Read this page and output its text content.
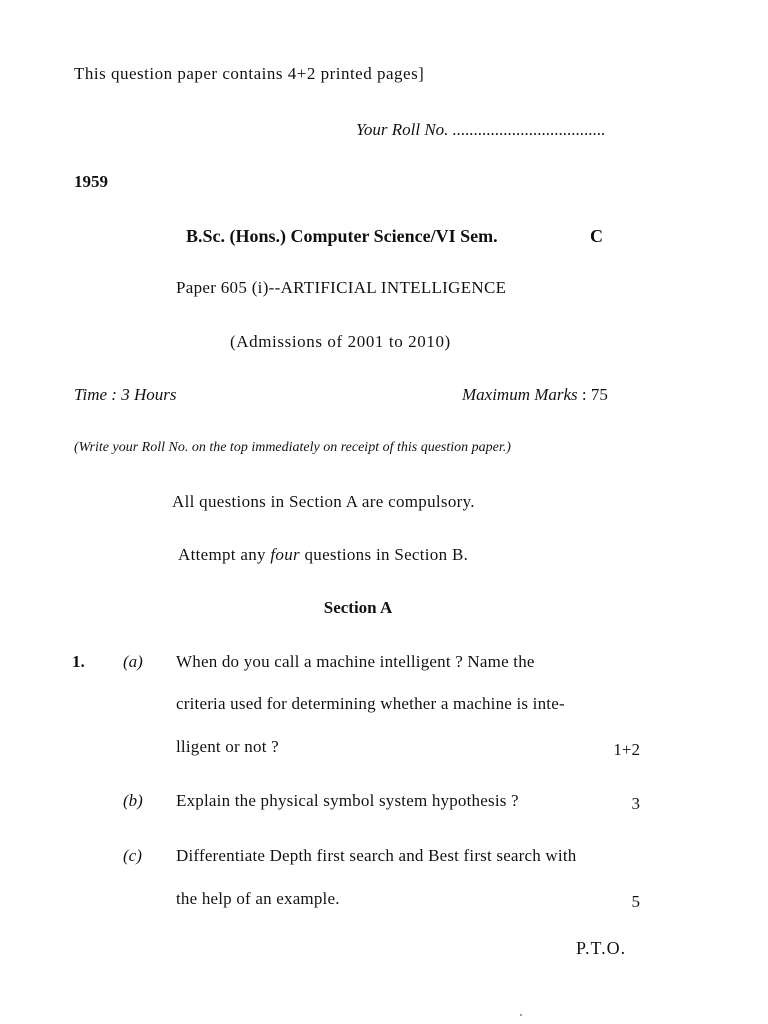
This question paper contains 4+2 printed pages]
Your Roll No. ....................................
1959
B.Sc. (Hons.) Computer Science/VI Sem.	C
Paper 605 (i)--ARTIFICIAL INTELLIGENCE
(Admissions of 2001 to 2010)
Time : 3 Hours	Maximum Marks : 75
(Write your Roll No. on the top immediately on receipt of this question paper.)
All questions in Section A are compulsory.
Attempt any four questions in Section B.
Section A
1. (a) When do you call a machine intelligent ? Name the
criteria used for determining whether a machine is inte-
lligent or not ?	1+2
(b) Explain the physical symbol system hypothesis ?	3
(c) Differentiate Depth first search and Best first search with
the help of an example.	5
P.T.O.
